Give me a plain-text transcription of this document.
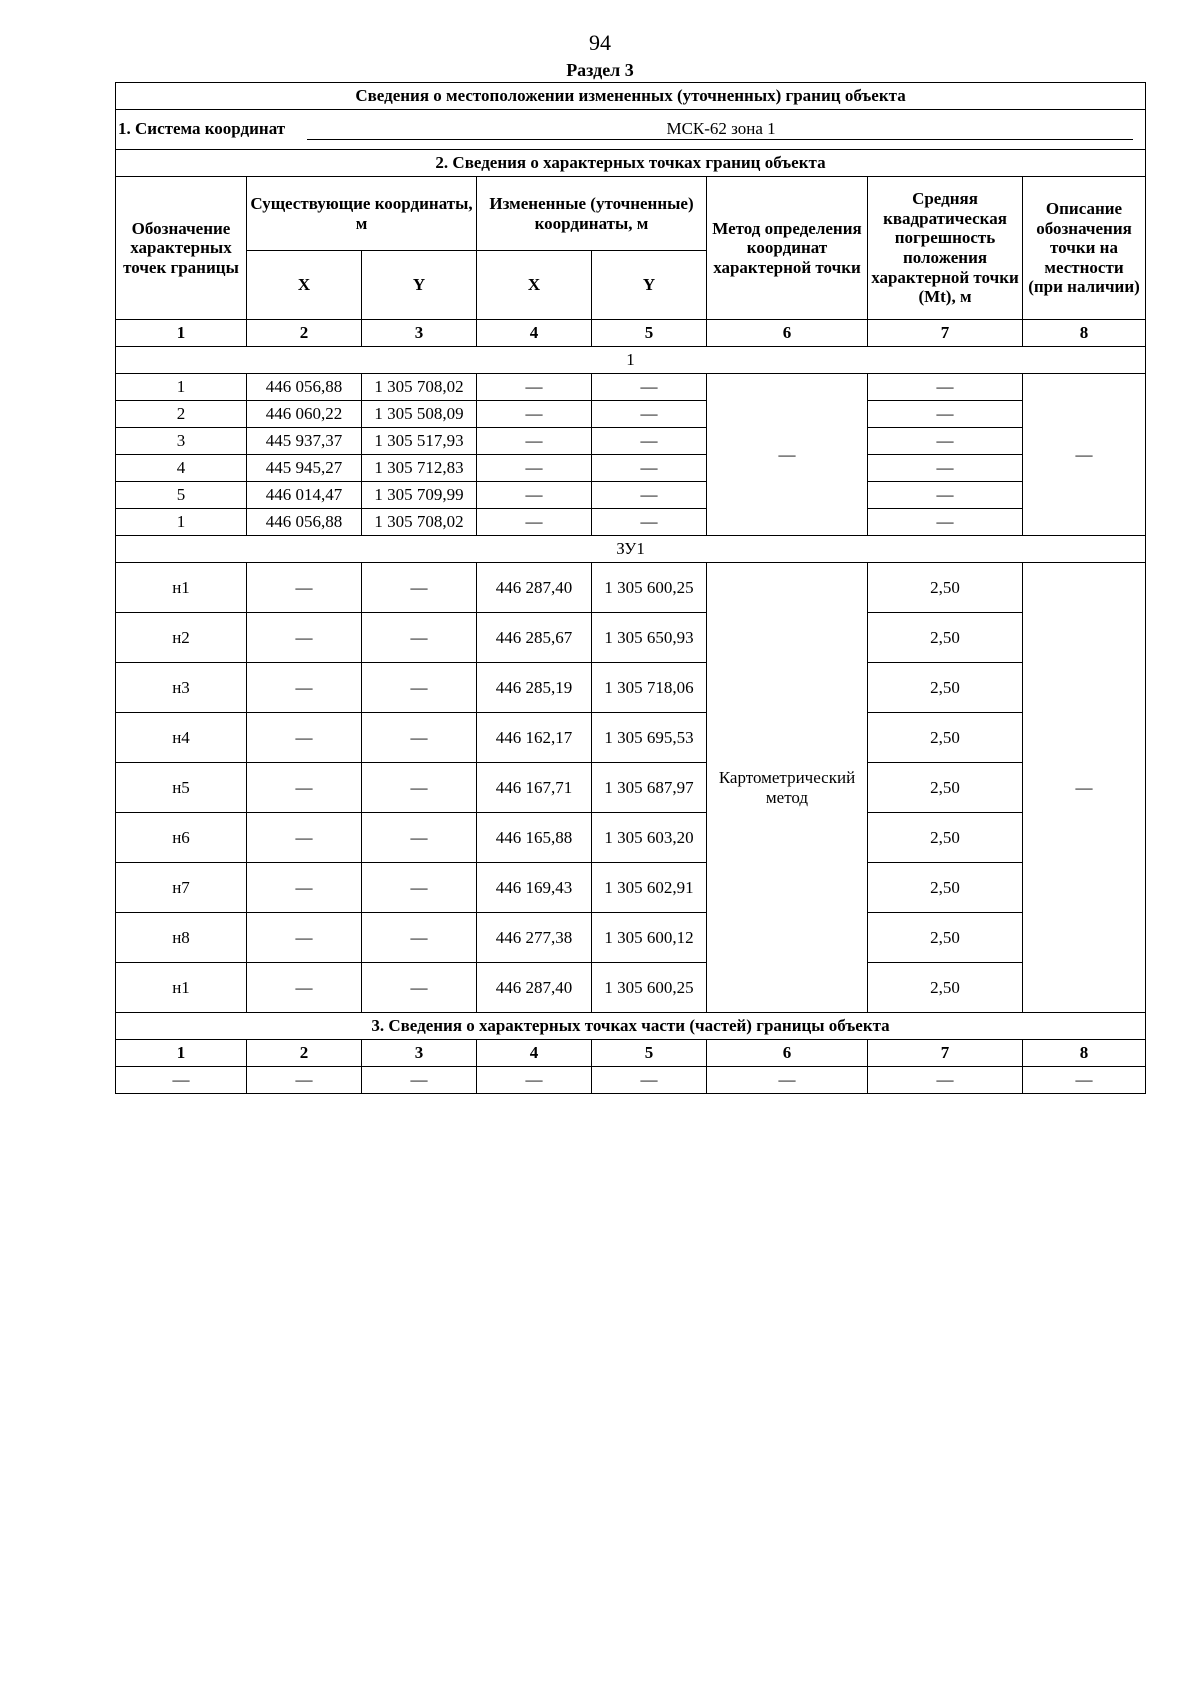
94
Раздел 3
Сведения о местоположении измененных (уточненных) границ объекта							

1. Система координат МСК-62 зона 1							

2. Сведения о характерных точках границ объекта							
Обозначение характерных точек границы	Существующие координаты, м		Измененные (уточненные) координаты, м		Метод определения координат характерной точки	Средняя квадратическая погрешность положения характерной точки (Mt), м	Описание обозначения точки на местности (при наличии)
	X	Y	X	Y			
1	2	3	4	5	6	7	8
1							
1	446 056,88	1 305 708,02	—	—	—	—	—
2	446 060,22	1 305 508,09	—	—		—	
3	445 937,37	1 305 517,93	—	—		—	
4	445 945,27	1 305 712,83	—	—		—	
5	446 014,47	1 305 709,99	—	—		—	
1	446 056,88	1 305 708,02	—	—		—	
ЗУ1							
н1	—	—	446 287,40	1 305 600,25	Картометрический метод	2,50	—
н2	—	—	446 285,67	1 305 650,93		2,50	
н3	—	—	446 285,19	1 305 718,06		2,50	
н4	—	—	446 162,17	1 305 695,53		2,50	
н5	—	—	446 167,71	1 305 687,97		2,50	
н6	—	—	446 165,88	1 305 603,20		2,50	
н7	—	—	446 169,43	1 305 602,91		2,50	
н8	—	—	446 277,38	1 305 600,12		2,50	
н1	—	—	446 287,40	1 305 600,25		2,50	
3. Сведения о характерных точках части (частей) границы объекта							
1	2	3	4	5	6	7	8
—	—	—	—	—	—	—	—
